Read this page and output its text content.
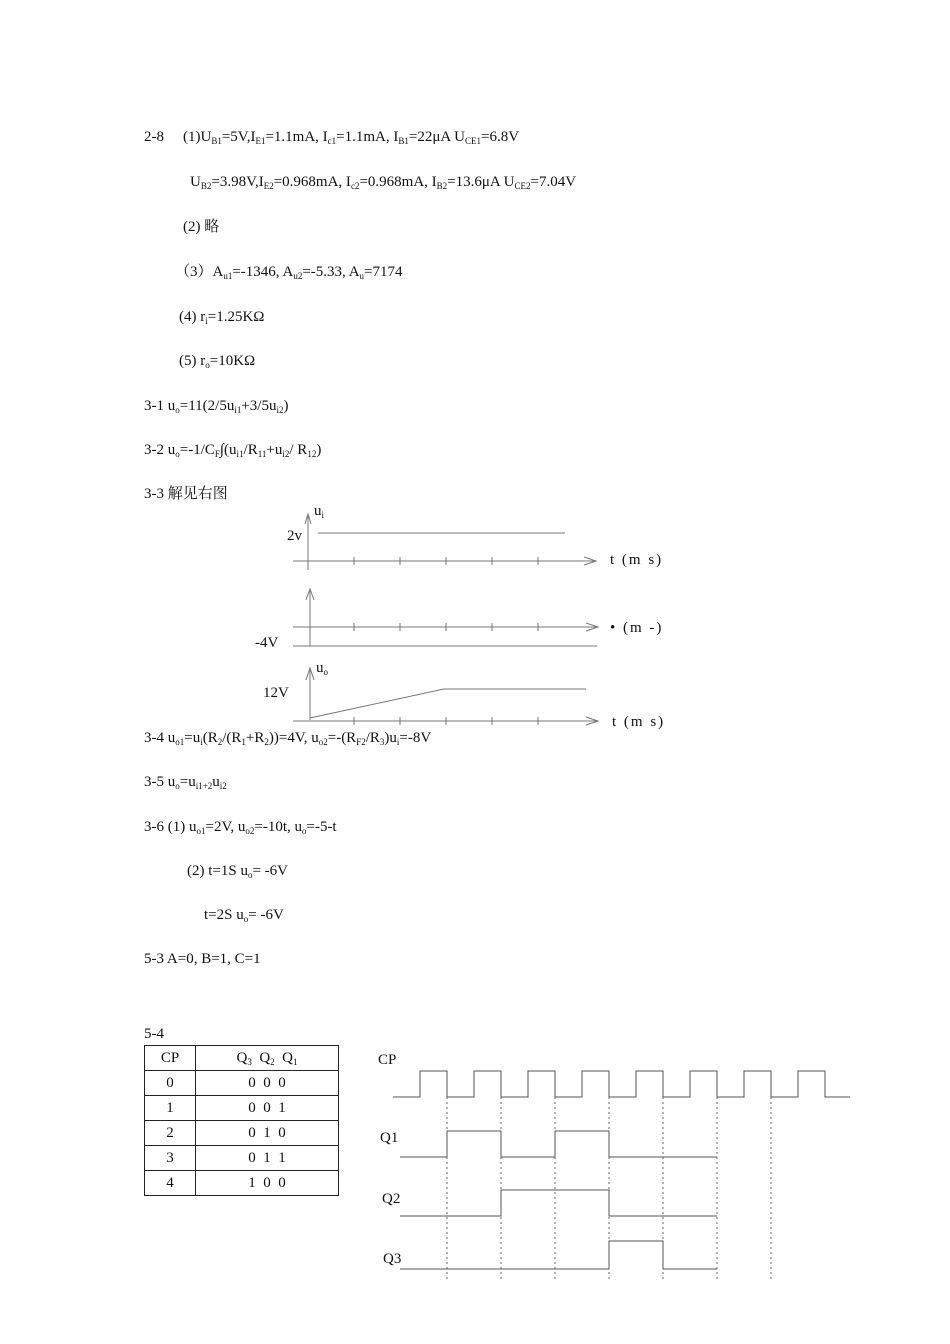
2-8 $(1)U_{B1}=5V,I_{E1}=1.1mA$, $I_{c1}=1.1mA$, $I_{B1}=22\mu A$ $U_{CE1}=6.8V$
$U_{B2}=3.98V,I_{E2}=0.968mA$, $I_{c2}=0.968mA$, $I_{B2}=13.6\mu A$ $U_{CE2}=7.04V$
(2) 略
$(3)A_{u1}=-1346$, $A_{u2}=-5.33$, $A_u=7174$
(4) $r_i=1.25K\Omega$
(5) $r_o=10K\Omega$
3-1 $u_o=11(2/5u_{i1}+3/5u_{i2})$
3-2 $u_o=-1/C_F\int(u_{i1}/R_{11}+u_{i2}/$ $R_{12}$)
3-3 解见右图
$u_i$
2v
t (m s)
• (m -)
-4V
$u_o$
12V
t (m s)
3-4 $u_{o1}=u_i(R_2/(R_1+R_2))=4V$, $u_{o2}=-(R_{F2}/R_3)u_i=-8V$
3-5 $u_o=u_{i1+2}u_{i2}$
3-6 (1) $u_{o1}=2V$, $u_{o2}=-10t$, $u_o=-5-t$
(2) t=1S $u_o= -6V$
t=2S $u_o= -6V$
5-3 A=0, B=1, C=1
5-4
CP	$Q_3$ $Q_2$ $Q_1$
0	0  0  0
1	0  0  1
2	0  1  0
3	0  1  1
4	1  0  0
CP
Q1
Q2
Q3
